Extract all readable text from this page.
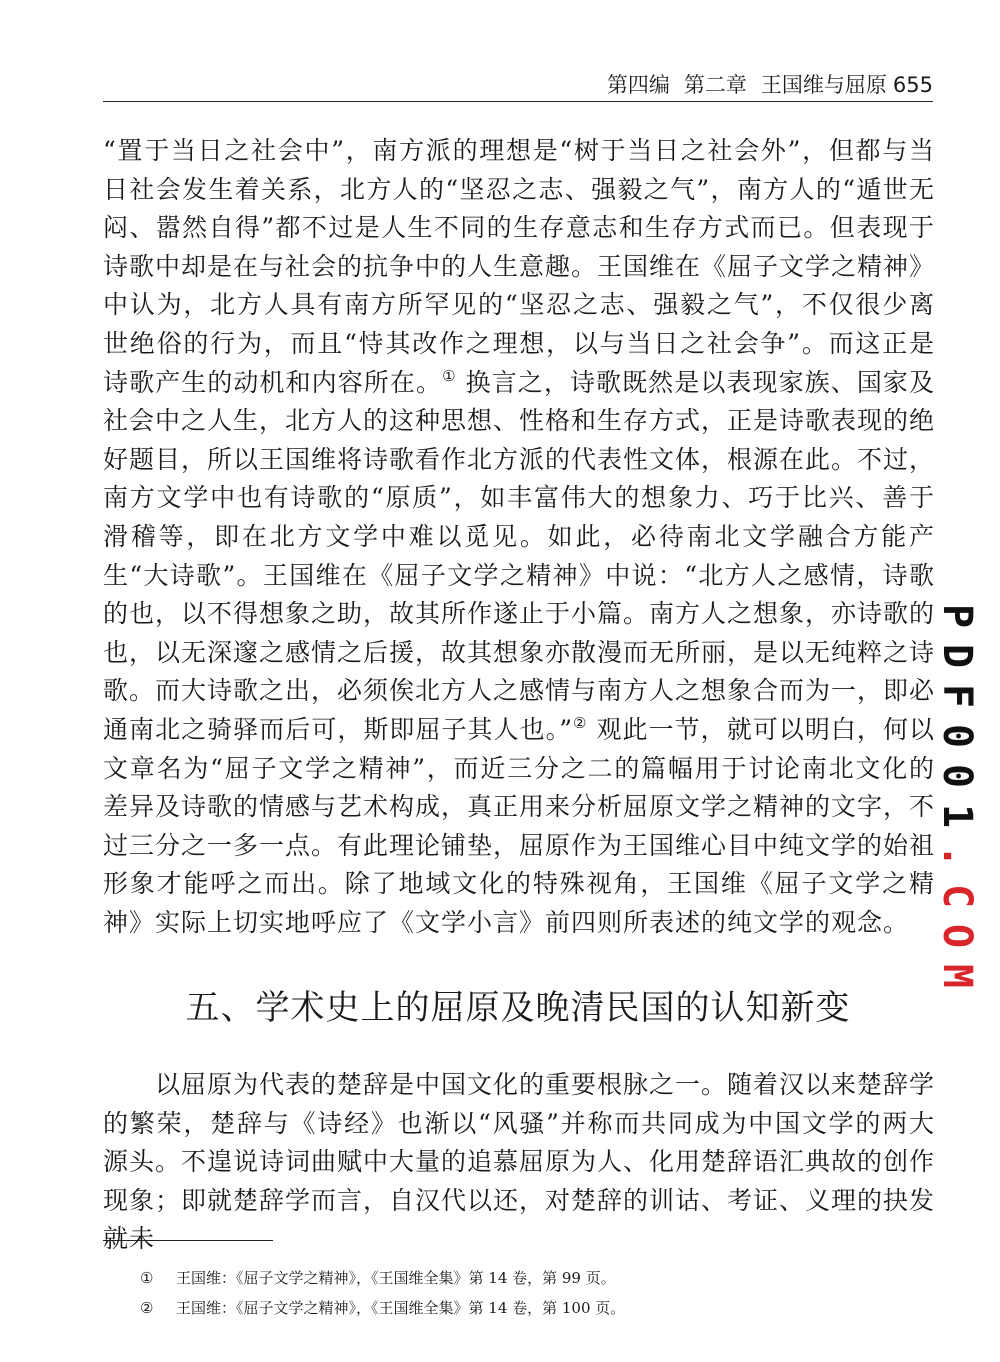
第四编 第二章 王国维与屈原 655

“置于当日之社会中”，南方派的理想是“树于当日之社会外”，但都与当日社会发生着关系，北方人的“坚忍之志、强毅之气”，南方人的“遁世无闷、嚣然自得”都不过是人生不同的生存意志和生存方式而已。但表现于诗歌中却是在与社会的抗争中的人生意趣。王国维在《屈子文学之精神》中认为，北方人具有南方所罕见的“坚忍之志、强毅之气”，不仅很少离世绝俗的行为，而且“恃其改作之理想，以与当日之社会争”。而这正是诗歌产生的动机和内容所在。① 换言之，诗歌既然是以表现家族、国家及社会中之人生，北方人的这种思想、性格和生存方式，正是诗歌表现的绝好题目，所以王国维将诗歌看作北方派的代表性文体，根源在此。不过，南方文学中也有诗歌的“原质”，如丰富伟大的想象力、巧于比兴、善于滑稽等，即在北方文学中难以觅见。如此，必待南北文学融合方能产生“大诗歌”。王国维在《屈子文学之精神》中说：“北方人之感情，诗歌的也，以不得想象之助，故其所作遂止于小篇。南方人之想象，亦诗歌的也，以无深邃之感情之后援，故其想象亦散漫而无所丽，是以无纯粹之诗歌。而大诗歌之出，必须俟北方人之感情与南方人之想象合而为一，即必通南北之骑驿而后可，斯即屈子其人也。”② 观此一节，就可以明白，何以文章名为“屈子文学之精神”，而近三分之二的篇幅用于讨论南北文化的差异及诗歌的情感与艺术构成，真正用来分析屈原文学之精神的文字，不过三分之一多一点。有此理论铺垫，屈原作为王国维心目中纯文学的始祖形象才能呼之而出。除了地域文化的特殊视角，王国维《屈子文学之精神》实际上切实地呼应了《文学小言》前四则所表述的纯文学的观念。

五、学术史上的屈原及晚清民国的认知新变
以屈原为代表的楚辞是中国文化的重要根脉之一。随着汉以来楚辞学的繁荣，楚辞与《诗经》也渐以“风骚”并称而共同成为中国文学的两大源头。不遑说诗词曲赋中大量的追慕屈原为人、化用楚辞语汇典故的创作现象；即就楚辞学而言，自汉代以还，对楚辞的训诂、考证、义理的抉发就未
① 王国维：《屈子文学之精神》，《王国维全集》第 14 卷，第 99 页。
② 王国维：《屈子文学之精神》，《王国维全集》第 14 卷，第 100 页。
P
D
F
0
0
1
.
C
O
M
